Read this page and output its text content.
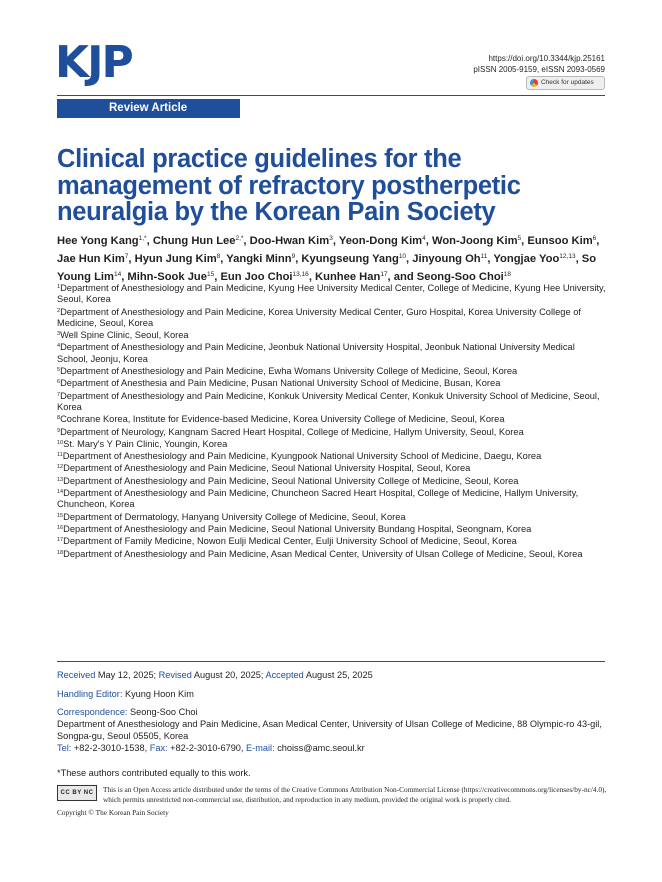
KJP	https://doi.org/10.3344/kjp.25161
pISSN 2005-9159, eISSN 2093-0569
Check for updates
Review Article
Clinical practice guidelines for the management of refractory postherpetic neuralgia by the Korean Pain Society
Hee Yong Kang$^{1,*}$, Chung Hun Lee$^{2,*}$, Doo-Hwan Kim$^3$, Yeon-Dong Kim$^4$, Won-Joong Kim$^5$, Eunsoo Kim$^6$, Jae Hun Kim$^7$, Hyun Jung Kim$^8$, Yangki Minn$^9$, Kyungseung Yang$^{10}$, Jinyoung Oh$^{11}$, Yongjae Yoo$^{12,13}$, So Young Lim$^{14}$, Mihn-Sook Jue$^{15}$, Eun Joo Choi$^{13,16}$, Kunhee Han$^{17}$, and Seong-Soo Choi$^{18}$
$^1$Department of Anesthesiology and Pain Medicine, Kyung Hee University Medical Center, College of Medicine, Kyung Hee University, Seoul, Korea
$^2$Department of Anesthesiology and Pain Medicine, Korea University Medical Center, Guro Hospital, Korea University College of Medicine, Seoul, Korea
$^3$Well Spine Clinic, Seoul, Korea
$^4$Department of Anesthesiology and Pain Medicine, Jeonbuk National University Hospital, Jeonbuk National University Medical School, Jeonju, Korea
$^5$Department of Anesthesiology and Pain Medicine, Ewha Womans University College of Medicine, Seoul, Korea
$^6$Department of Anesthesia and Pain Medicine, Pusan National University School of Medicine, Busan, Korea
$^7$Department of Anesthesiology and Pain Medicine, Konkuk University Medical Center, Konkuk University School of Medicine, Seoul, Korea
$^8$Cochrane Korea, Institute for Evidence-based Medicine, Korea University College of Medicine, Seoul, Korea
$^9$Department of Neurology, Kangnam Sacred Heart Hospital, College of Medicine, Hallym University, Seoul, Korea
$^{10}$St. Mary's Y Pain Clinic, Youngin, Korea
$^{11}$Department of Anesthesiology and Pain Medicine, Kyungpook National University School of Medicine, Daegu, Korea
$^{12}$Department of Anesthesiology and Pain Medicine, Seoul National University Hospital, Seoul, Korea
$^{13}$Department of Anesthesiology and Pain Medicine, Seoul National University College of Medicine, Seoul, Korea
$^{14}$Department of Anesthesiology and Pain Medicine, Chuncheon Sacred Heart Hospital, College of Medicine, Hallym University, Chuncheon, Korea
$^{15}$Department of Dermatology, Hanyang University College of Medicine, Seoul, Korea
$^{16}$Department of Anesthesiology and Pain Medicine, Seoul National University Bundang Hospital, Seongnam, Korea
$^{17}$Department of Family Medicine, Nowon Eulji Medical Center, Eulji University School of Medicine, Seoul, Korea
$^{18}$Department of Anesthesiology and Pain Medicine, Asan Medical Center, University of Ulsan College of Medicine, Seoul, Korea
Received May 12, 2025; Revised August 20, 2025; Accepted August 25, 2025
Handling Editor: Kyung Hoon Kim
Correspondence: Seong-Soo Choi
Department of Anesthesiology and Pain Medicine, Asan Medical Center, University of Ulsan College of Medicine, 88 Olympic-ro 43-gil, Songpa-gu, Seoul 05505, Korea
Tel: +82-2-3010-1538, Fax: +82-2-3010-6790, E-mail: choiss@amc.seoul.kr
*These authors contributed equally to this work.
CC BY NC	This is an Open Access article distributed under the terms of the Creative Commons Attribution Non-Commercial License (https://creativecommons.org/licenses/by-nc/4.0), which permits unrestricted non-commercial use, distribution, and reproduction in any medium, provided the original work is properly cited.
Copyright © The Korean Pain Society
